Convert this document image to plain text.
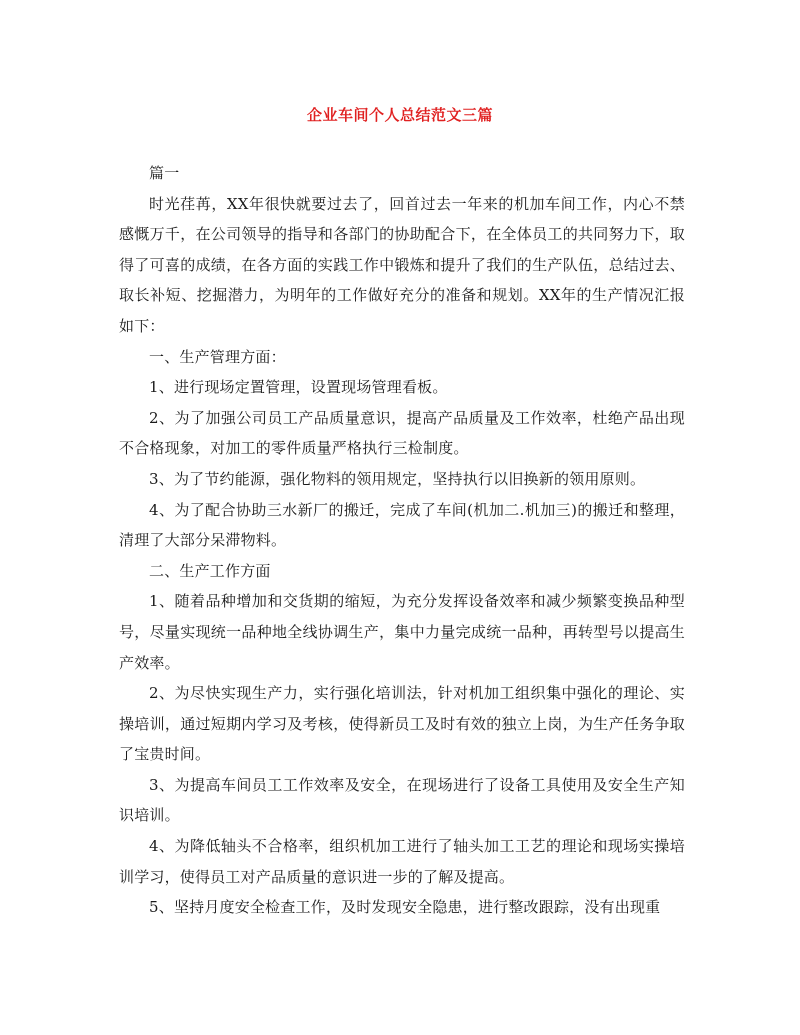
企业车间个人总结范文三篇

篇一

时光荏苒，XX年很快就要过去了，回首过去一年来的机加车间工作，内心不禁感慨万千，在公司领导的指导和各部门的协助配合下，在全体员工的共同努力下，取得了可喜的成绩，在各方面的实践工作中锻炼和提升了我们的生产队伍，总结过去、取长补短、挖掘潜力，为明年的工作做好充分的准备和规划。XX年的生产情况汇报如下：

一、生产管理方面：

1、进行现场定置管理，设置现场管理看板。

2、为了加强公司员工产品质量意识，提高产品质量及工作效率，杜绝产品出现不合格现象，对加工的零件质量严格执行三检制度。

3、为了节约能源，强化物料的领用规定，坚持执行以旧换新的领用原则。

4、为了配合协助三水新厂的搬迁，完成了车间(机加二.机加三)的搬迁和整理，清理了大部分呆滞物料。

二、生产工作方面

1、随着品种增加和交货期的缩短，为充分发挥设备效率和减少频繁变换品种型号，尽量实现统一品种地全线协调生产，集中力量完成统一品种，再转型号以提高生产效率。

2、为尽快实现生产力，实行强化培训法，针对机加工组织集中强化的理论、实操培训，通过短期内学习及考核，使得新员工及时有效的独立上岗，为生产任务争取了宝贵时间。

3、为提高车间员工工作效率及安全，在现场进行了设备工具使用及安全生产知识培训。

4、为降低轴头不合格率，组织机加工进行了轴头加工工艺的理论和现场实操培训学习，使得员工对产品质量的意识进一步的了解及提高。

5、坚持月度安全检查工作，及时发现安全隐患，进行整改跟踪，没有出现重
